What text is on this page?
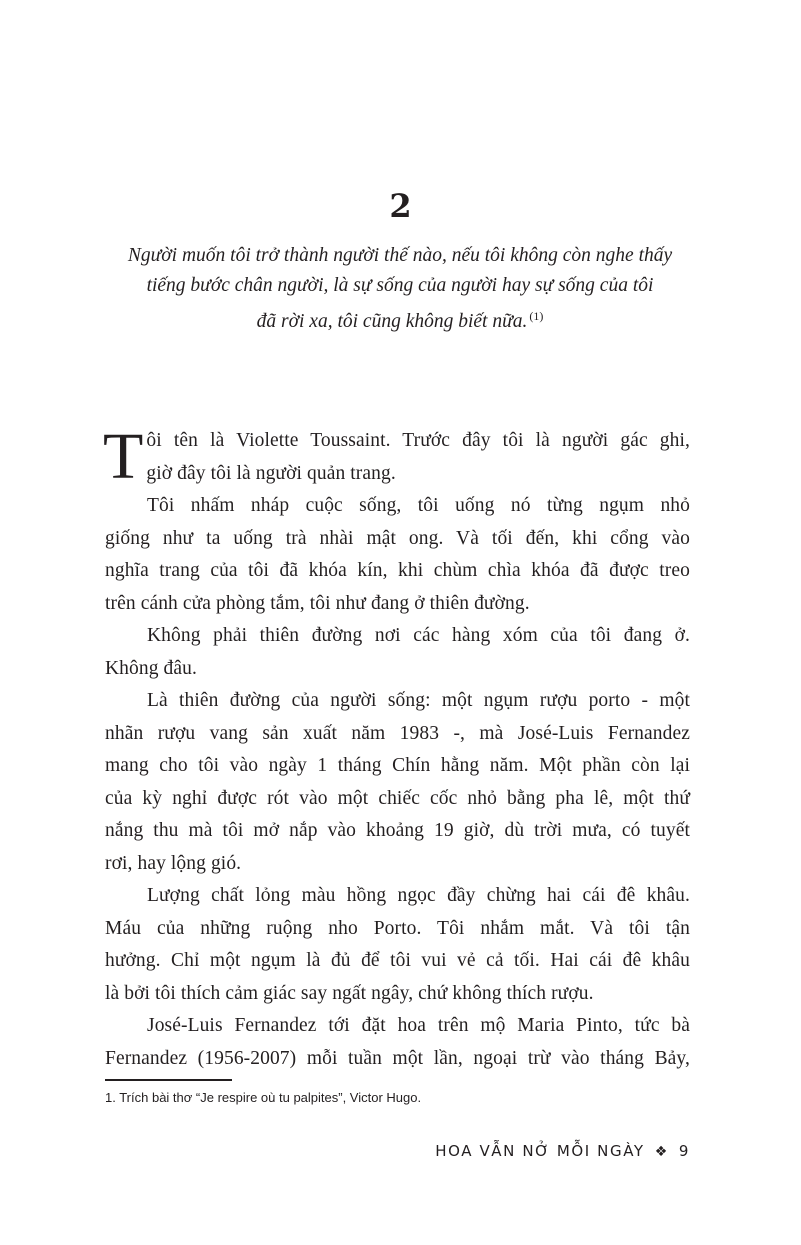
2
Người muốn tôi trở thành người thế nào, nếu tôi không còn nghe thấy
tiếng bước chân người, là sự sống của người hay sự sống của tôi
đã rời xa, tôi cũng không biết nữa. $^{(1)}$
T ôi tên là Violette Toussaint. Trước đây tôi là người gác ghi,
giờ đây tôi là người quản trang.
Tôi nhấm nháp cuộc sống, tôi uống nó từng ngụm nhỏ
giống như ta uống trà nhài mật ong. Và tối đến, khi cổng vào
nghĩa trang của tôi đã khóa kín, khi chùm chìa khóa đã được treo
trên cánh cửa phòng tắm, tôi như đang ở thiên đường.
Không phải thiên đường nơi các hàng xóm của tôi đang ở.
Không đâu.
Là thiên đường của người sống: một ngụm rượu porto - một
nhãn rượu vang sản xuất năm 1983 -, mà José-Luis Fernandez
mang cho tôi vào ngày 1 tháng Chín hằng năm. Một phần còn lại
của kỳ nghỉ được rót vào một chiếc cốc nhỏ bằng pha lê, một thứ
nắng thu mà tôi mở nắp vào khoảng 19 giờ, dù trời mưa, có tuyết
rơi, hay lộng gió.
Lượng chất lỏng màu hồng ngọc đầy chừng hai cái đê khâu.
Máu của những ruộng nho Porto. Tôi nhắm mắt. Và tôi tận
hưởng. Chỉ một ngụm là đủ để tôi vui vẻ cả tối. Hai cái đê khâu
là bởi tôi thích cảm giác say ngất ngây, chứ không thích rượu.
José-Luis Fernandez tới đặt hoa trên mộ Maria Pinto, tức bà
Fernandez (1956-2007) mỗi tuần một lần, ngoại trừ vào tháng Bảy,
1. Trích bài thơ “Je respire où tu palpites”, Victor Hugo.
HOA VẪN NỞ MỖI NGÀY ❖ 9
